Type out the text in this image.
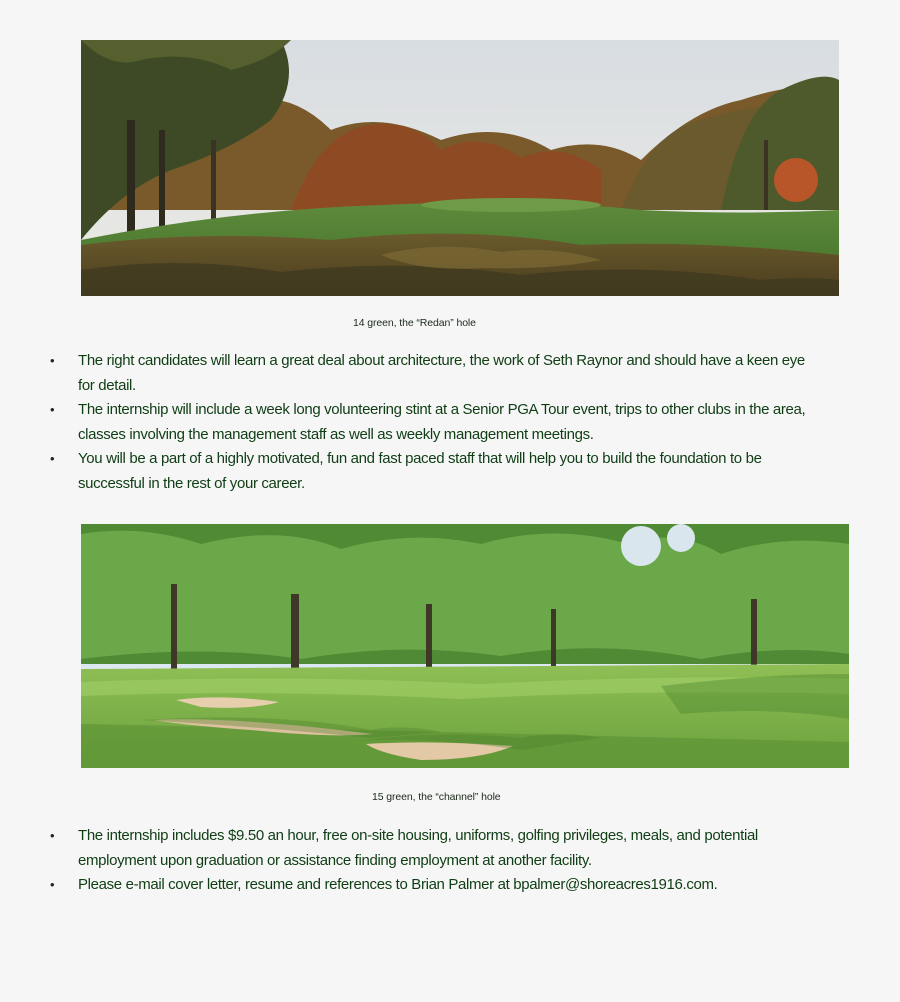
14 green, the “Redan” hole
• The right candidates will learn a great deal about architecture, the work of Seth Raynor and should have a keen eye for detail.
• The internship will include a week long volunteering stint at a Senior PGA Tour event, trips to other clubs in the area, classes involving the management staff as well as weekly management meetings.
• You will be a part of a highly motivated, fun and fast paced staff that will help you to build the foundation to be successful in the rest of your career.
15 green, the “channel” hole
• The internship includes $9.50 an hour, free on-site housing, uniforms, golfing privileges, meals, and potential employment upon graduation or assistance finding employment at another facility.
• Please e-mail cover letter, resume and references to Brian Palmer at bpalmer@shoreacres1916.com.
